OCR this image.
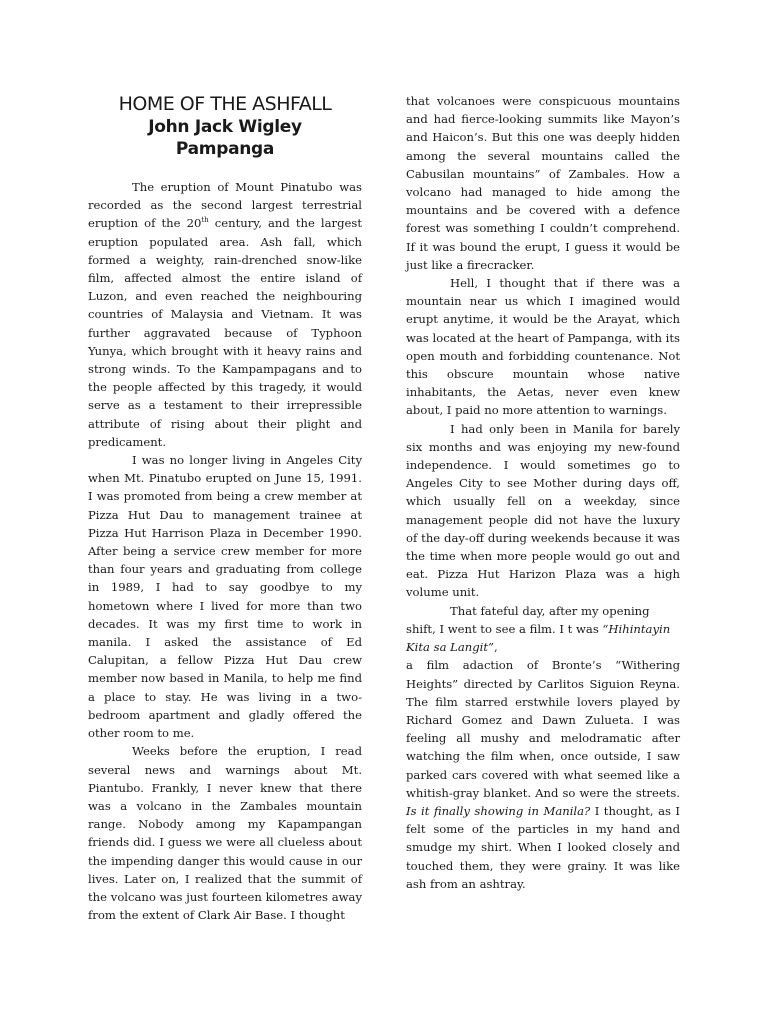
HOME OF THE ASHFALL
John Jack Wigley
Pampanga

The eruption of Mount Pinatubo was recorded as the second largest terrestrial eruption of the 20th century, and the largest eruption populated area. Ash fall, which formed a weighty, rain-drenched snow-like film, affected almost the entire island of Luzon, and even reached the neighbouring countries of Malaysia and Vietnam. It was further aggravated because of Typhoon Yunya, which brought with it heavy rains and strong winds. To the Kampampagans and to the people affected by this tragedy, it would serve as a testament to their irrepressible attribute of rising about their plight and predicament.

I was no longer living in Angeles City when Mt. Pinatubo erupted on June 15, 1991. I was promoted from being a crew member at Pizza Hut Dau to management trainee at Pizza Hut Harrison Plaza in December 1990. After being a service crew member for more than four years and graduating from college in 1989, I had to say goodbye to my hometown where I lived for more than two decades. It was my first time to work in manila. I asked the assistance of Ed Calupitan, a fellow Pizza Hut Dau crew member now based in Manila, to help me find a place to stay. He was living in a two-bedroom apartment and gladly offered the other room to me.

Weeks before the eruption, I read several news and warnings about Mt. Piantubo. Frankly, I never knew that there was a volcano in the Zambales mountain range. Nobody among my Kapampangan friends did. I guess we were all clueless about the impending danger this would cause in our lives. Later on, I realized that the summit of the volcano was just fourteen kilometres away from the extent of Clark Air Base. I thought

that volcanoes were conspicuous mountains and had fierce-looking summits like Mayon’s and Haicon’s. But this one was deeply hidden among the several mountains called the Cabusilan mountains” of Zambales. How a volcano had managed to hide among the mountains and be covered with a defence forest was something I couldn’t comprehend. If it was bound the erupt, I guess it would be just like a firecracker.

Hell, I thought that if there was a mountain near us which I imagined would erupt anytime, it would be the Arayat, which was located at the heart of Pampanga, with its open mouth and forbidding countenance. Not this obscure mountain whose native inhabitants, the Aetas, never even knew about, I paid no more attention to warnings.

I had only been in Manila for barely six months and was enjoying my new-found independence. I would sometimes go to Angeles City to see Mother during days off, which usually fell on a weekday, since management people did not have the luxury of the day-off during weekends because it was the time when more people would go out and eat. Pizza Hut Harizon Plaza was a high volume unit.

That fateful day, after my opening shift, I went to see a film. I t was “Hihintayin Kita sa Langit”,

a film adaction of Bronte’s “Withering Heights” directed by Carlitos Siguion Reyna. The film starred erstwhile lovers played by Richard Gomez and Dawn Zulueta. I was feeling all mushy and melodramatic after watching the film when, once outside, I saw parked cars covered with what seemed like a whitish-gray blanket. And so were the streets. Is it finally showing in Manila? I thought, as I felt some of the particles in my hand and smudge my shirt. When I looked closely and touched them, they were grainy. It was like ash from an ashtray.
